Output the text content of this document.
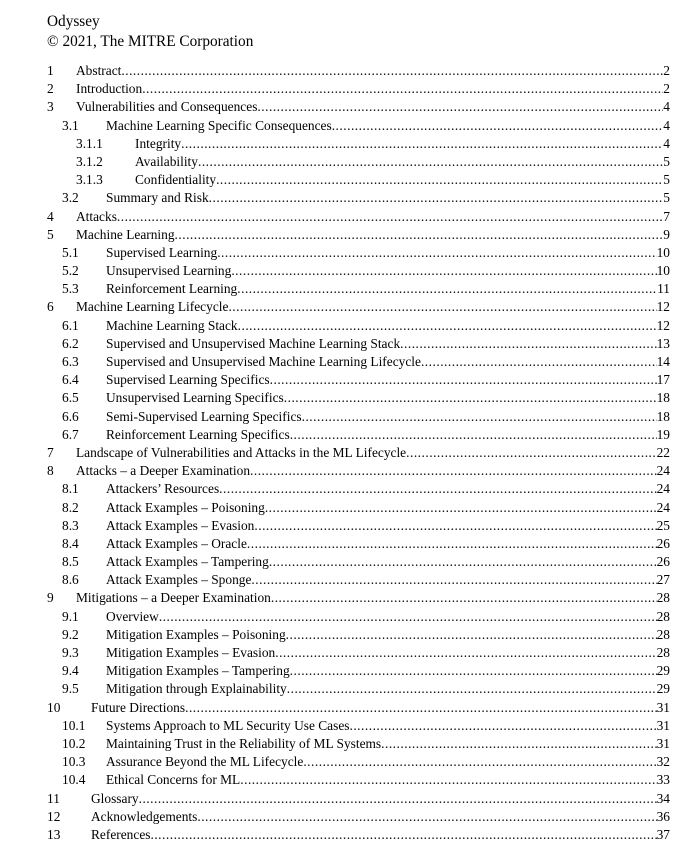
Odyssey
© 2021, The MITRE Corporation
1 Abstract .....	2
2 Introduction .....	2
3 Vulnerabilities and Consequences .....	4
3.1 Machine Learning Specific Consequences .....	4
3.1.1 Integrity .....	4
3.1.2 Availability .....	5
3.1.3 Confidentiality .....	5
3.2 Summary and Risk .....	5
4 Attacks .....	7
5 Machine Learning .....	9
5.1 Supervised Learning .....	10
5.2 Unsupervised Learning .....	10
5.3 Reinforcement Learning .....	11
6 Machine Learning Lifecycle .....	12
6.1 Machine Learning Stack .....	12
6.2 Supervised and Unsupervised Machine Learning Stack .....	13
6.3 Supervised and Unsupervised Machine Learning Lifecycle .....	14
6.4 Supervised Learning Specifics .....	17
6.5 Unsupervised Learning Specifics .....	18
6.6 Semi-Supervised Learning Specifics .....	18
6.7 Reinforcement Learning Specifics .....	19
7 Landscape of Vulnerabilities and Attacks in the ML Lifecycle .....	22
8 Attacks – a Deeper Examination .....	24
8.1 Attackers’ Resources .....	24
8.2 Attack Examples – Poisoning .....	24
8.3 Attack Examples – Evasion .....	25
8.4 Attack Examples – Oracle .....	26
8.5 Attack Examples – Tampering .....	26
8.6 Attack Examples – Sponge .....	27
9 Mitigations – a Deeper Examination .....	28
9.1 Overview .....	28
9.2 Mitigation Examples – Poisoning .....	28
9.3 Mitigation Examples – Evasion .....	28
9.4 Mitigation Examples – Tampering .....	29
9.5 Mitigation through Explainability .....	29
10 Future Directions .....	31
10.1 Systems Approach to ML Security Use Cases .....	31
10.2 Maintaining Trust in the Reliability of ML Systems .....	31
10.3 Assurance Beyond the ML Lifecycle .....	32
10.4 Ethical Concerns for ML .....	33
11 Glossary .....	34
12 Acknowledgements .....	36
13 References .....	37
